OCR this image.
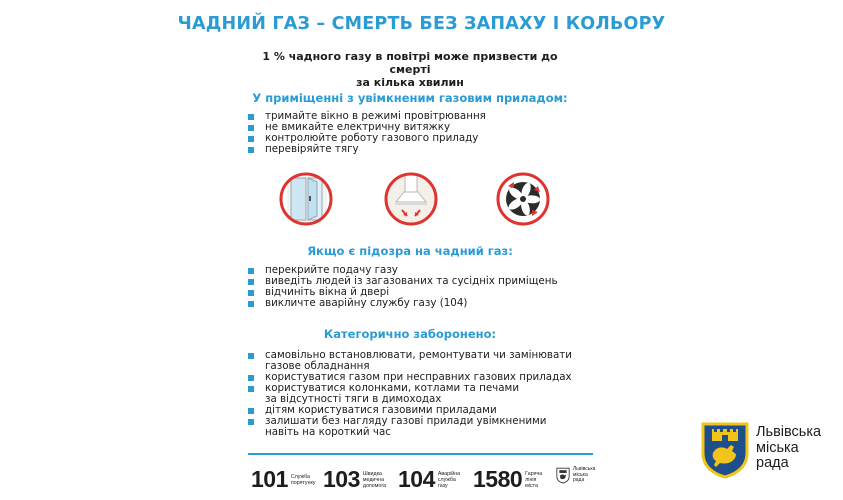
ЧАДНИЙ ГАЗ – СМЕРТЬ БЕЗ ЗАПАХУ І КОЛЬОРУ
1 % чадного газу в повітрі може призвести до смерті
за кілька хвилин
У приміщенні з увімкненим газовим приладом:
тримайте вікно в режимі провітрювання
не вмикайте електричну витяжку
контролюйте роботу газового приладу
перевіряйте тягу
Якщо є підозра на чадний газ:
перекрийте подачу газу
виведіть людей із загазованих та сусідніх приміщень
відчиніть вікна й двері
викличте аварійну службу газу (104)
Категорично заборонено:
самовільно встановлювати, ремонтувати чи замінювати
газове обладнання
користуватися газом при несправних газових приладах
користуватися колонками, котлами та печами
за відсутності тяги в димоходах
дітям користуватися газовими приладами
залишати без нагляду газові прилади увімкненими
навіть на короткий час
101 Служба
порятунку 103 Швидка
медична
допомога 104 Аварійна
служба
газу	1580 Гаряча
лінія
міста
Львівська
міська
рада
Львівська
міська
рада
